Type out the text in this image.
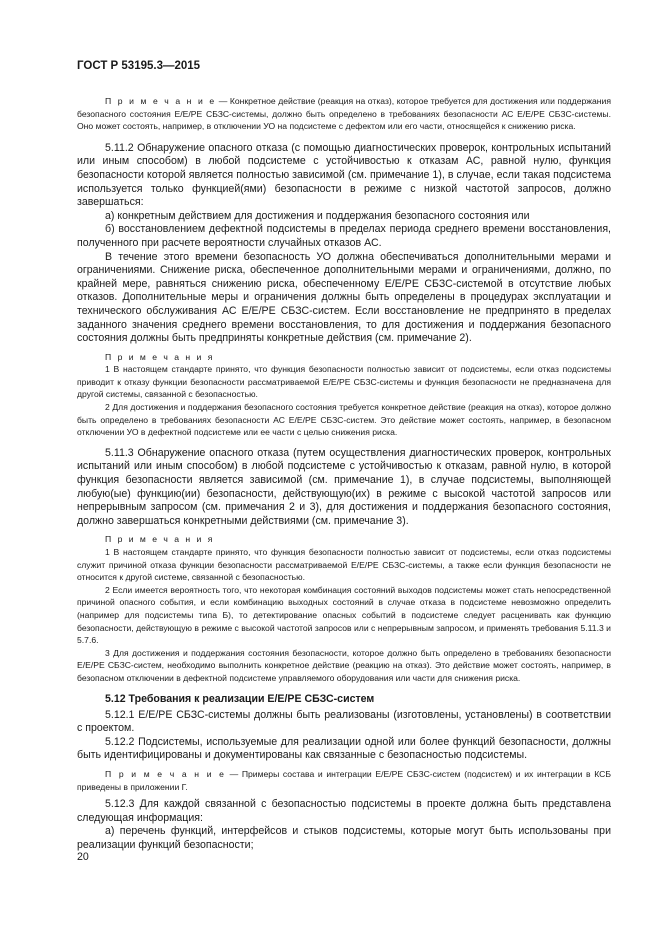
ГОСТ Р 53195.3—2015

П р и м е ч а н и е — Конкретное действие (реакция на отказ), которое требуется для достижения или поддержания безопасного состояния E/E/PE СБЗС-системы, должно быть определено в требованиях безопасности АС E/E/PE СБЗС-системы. Оно может состоять, например, в отключении УО на подсистеме с дефектом или его части, относящейся к снижению риска.

5.11.2 Обнаружение опасного отказа (с помощью диагностических проверок, контрольных испытаний или иным способом) в любой подсистеме с устойчивостью к отказам АС, равной нулю, функция безопасности которой является полностью зависимой (см. примечание 1), в случае, если такая подсистема используется только функцией(ями) безопасности в режиме с низкой частотой запросов, должно завершаться:

а) конкретным действием для достижения и поддержания безопасного состояния или

б) восстановлением дефектной подсистемы в пределах периода среднего времени восстановления, полученного при расчете вероятности случайных отказов АС.

В течение этого времени безопасность УО должна обеспечиваться дополнительными мерами и ограничениями. Снижение риска, обеспеченное дополнительными мерами и ограничениями, должно, по крайней мере, равняться снижению риска, обеспеченному E/E/PE СБЗС-системой в отсутствие любых отказов. Дополнительные меры и ограничения должны быть определены в процедурах эксплуатации и технического обслуживания АС E/E/PE СБЗС-систем. Если восстановление не предпринято в пределах заданного значения среднего времени восстановления, то для достижения и поддержания безопасного состояния должны быть предприняты конкретные действия (см. примечание 2).

П р и м е ч а н и я

1 В настоящем стандарте принято, что функция безопасности полностью зависит от подсистемы, если отказ подсистемы приводит к отказу функции безопасности рассматриваемой E/E/PE СБЗС-системы и функция безопасности не предназначена для другой системы, связанной с безопасностью.

2 Для достижения и поддержания безопасного состояния требуется конкретное действие (реакция на отказ), которое должно быть определено в требованиях безопасности АС E/E/PE СБЗС-систем. Это действие может состоять, например, в безопасном отключении УО в дефектной подсистеме или ее части с целью снижения риска.

5.11.3 Обнаружение опасного отказа (путем осуществления диагностических проверок, контрольных испытаний или иным способом) в любой подсистеме с устойчивостью к отказам, равной нулю, в которой функция безопасности является зависимой (см. примечание 1), в случае подсистемы, выполняющей любую(ые) функцию(ии) безопасности, действующую(их) в режиме с высокой частотой запросов или непрерывным запросом (см. примечания 2 и 3), для достижения и поддержания безопасного состояния, должно завершаться конкретными действиями (см. примечание 3).

П р и м е ч а н и я

1 В настоящем стандарте принято, что функция безопасности полностью зависит от подсистемы, если отказ подсистемы служит причиной отказа функции безопасности рассматриваемой E/E/PE СБЗС-системы, а также если функция безопасности не относится к другой системе, связанной с безопасностью.

2 Если имеется вероятность того, что некоторая комбинация состояний выходов подсистемы может стать непосредственной причиной опасного события, и если комбинацию выходных состояний в случае отказа в подсистеме невозможно определить (например для подсистемы типа Б), то детектирование опасных событий в подсистеме следует расценивать как функцию безопасности, действующую в режиме с высокой частотой запросов или с непрерывным запросом, и применять требования 5.11.3 и 5.7.6.

3 Для достижения и поддержания состояния безопасности, которое должно быть определено в требованиях безопасности E/E/PE СБЗС-систем, необходимо выполнить конкретное действие (реакцию на отказ). Это действие может состоять, например, в безопасном отключении в дефектной подсистеме управляемого оборудования или части для снижения риска.

5.12 Требования к реализации E/E/PE СБЗС-систем

5.12.1 E/E/PE СБЗС-системы должны быть реализованы (изготовлены, установлены) в соответствии с проектом.

5.12.2 Подсистемы, используемые для реализации одной или более функций безопасности, должны быть идентифицированы и документированы как связанные с безопасностью подсистемы.

П р и м е ч а н и е — Примеры состава и интеграции E/E/PE СБЗС-систем (подсистем) и их интеграции в КСБ приведены в приложении Г.

5.12.3 Для каждой связанной с безопасностью подсистемы в проекте должна быть представлена следующая информация:

а) перечень функций, интерфейсов и стыков подсистемы, которые могут быть использованы при реализации функций безопасности;

20
